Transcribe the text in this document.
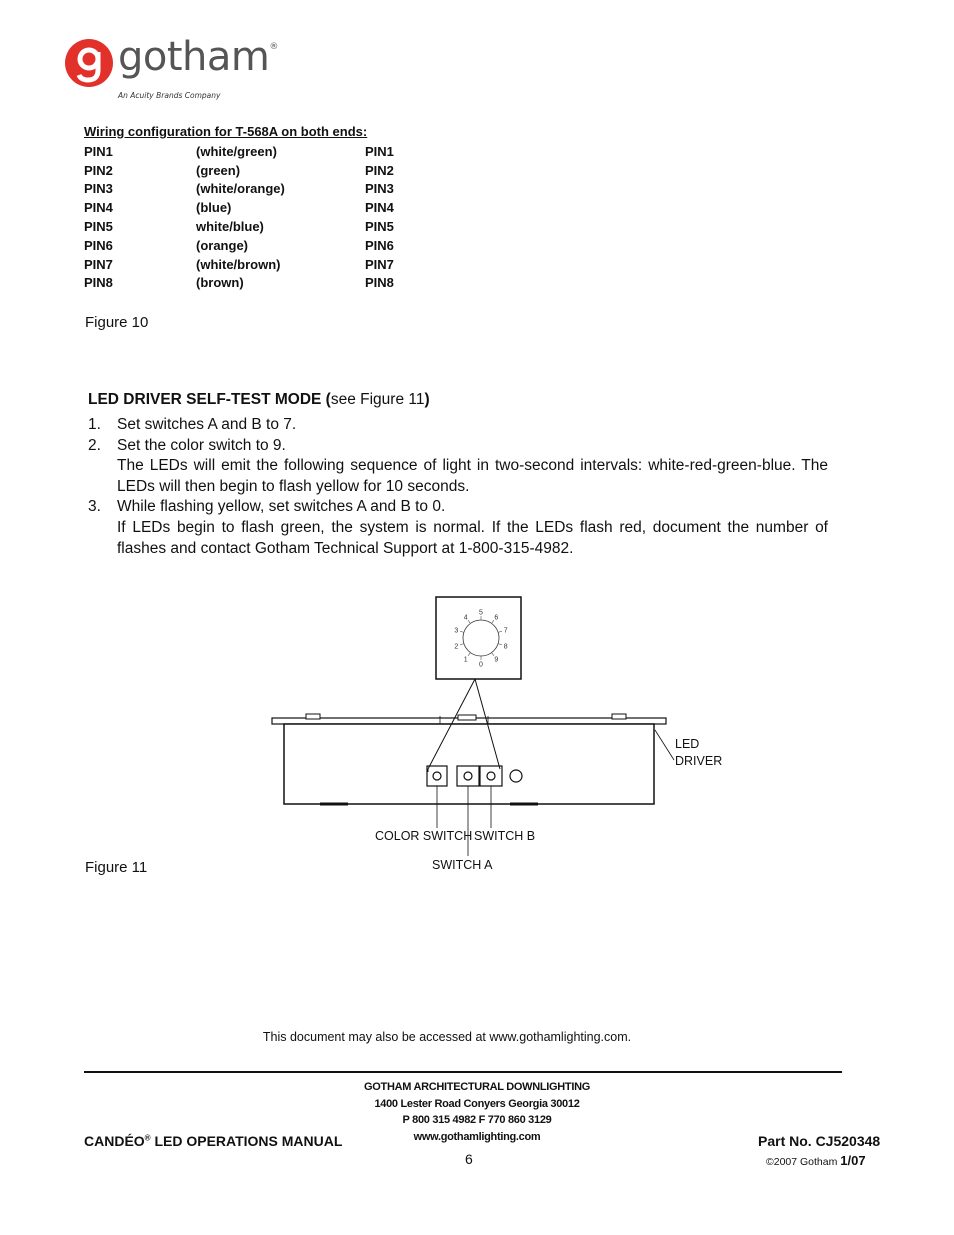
gotham®
An Acuity Brands Company
Wiring configuration for T-568A on both ends:
PIN1	(white/green)	PIN1
PIN2	(green)	PIN2
PIN3	(white/orange)	PIN3
PIN4	(blue)	PIN4
PIN5	white/blue)	PIN5
PIN6	(orange)	PIN6
PIN7	(white/brown)	PIN7
PIN8	(brown)	PIN8
Figure 10
LED DRIVER SELF-TEST MODE (see Figure 11)
1. Set switches A and B to 7.
2. Set the color switch to 9.
The LEDs will emit the following sequence of light in two-second intervals: white-red-green-blue. The LEDs will then begin to flash yellow for 10 seconds.
3. While flashing yellow, set switches A and B to 0.
If LEDs begin to flash green, the system is normal. If the LEDs flash red, document the number of flashes and contact Gotham Technical Support at 1-800-315-4982.
0
1
2
3
4
5
6
7
8
9
COLOR SWITCH SWITCH B
SWITCH A
LED
DRIVER
Figure 11
This document may also be accessed at www.gothamlighting.com.
GOTHAM ARCHITECTURAL DOWNLIGHTING
1400 Lester Road Conyers Georgia 30012
P 800 315 4982 F 770 860 3129
www.gothamlighting.com
CANDÉO® LED OPERATIONS MANUAL
6
Part No. CJ520348
©2007 Gotham 1/07
